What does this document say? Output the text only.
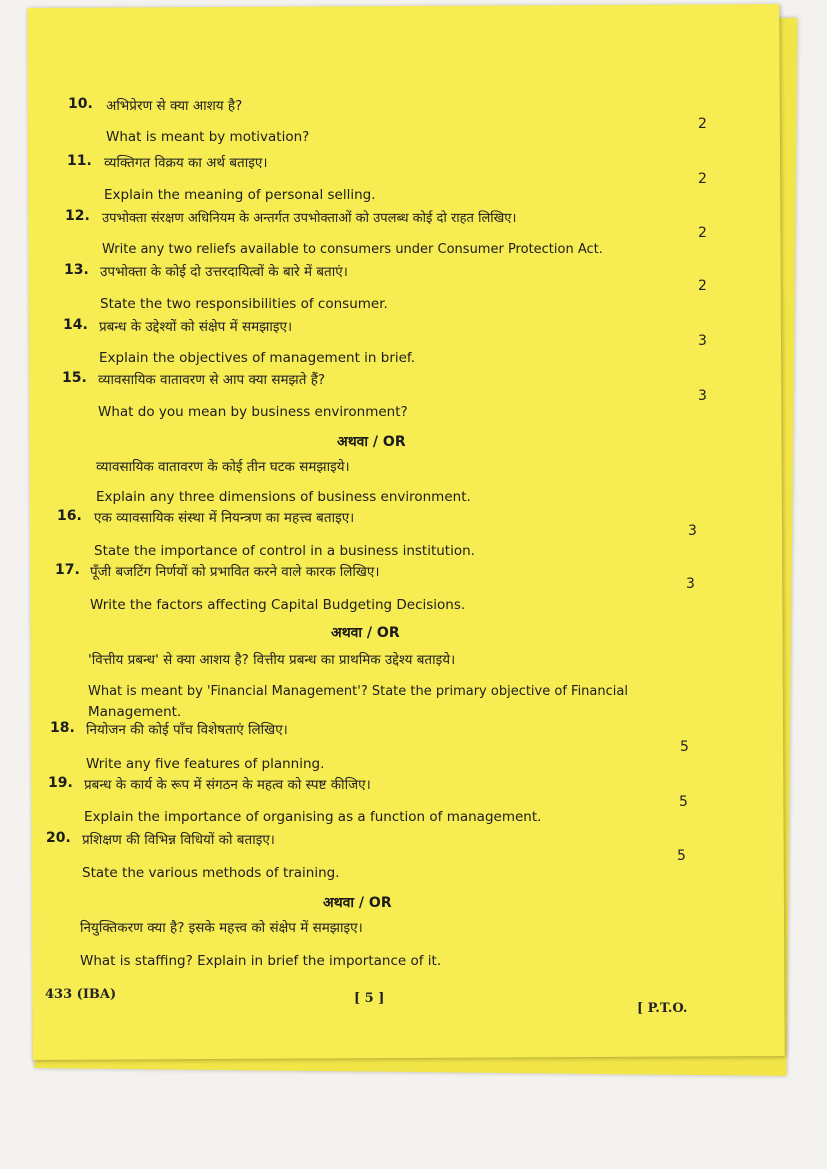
10. अभिप्रेरण से क्या आशय है?
What is meant by motivation?
2
11. व्यक्तिगत विक्रय का अर्थ बताइए।
Explain the meaning of personal selling.
2
12. उपभोक्ता संरक्षण अधिनियम के अन्तर्गत उपभोक्ताओं को उपलब्ध कोई दो राहत लिखिए।
Write any two reliefs available to consumers under Consumer Protection Act.
2
13. उपभोक्ता के कोई दो उत्तरदायित्वों के बारे में बताएं।
State the two responsibilities of consumer.
2
14. प्रबन्ध के उद्देश्यों को संक्षेप में समझाइए।
Explain the objectives of management in brief.
3
15. व्यावसायिक वातावरण से आप क्या समझते हैं?
What do you mean by business environment?
3
अथवा / OR
व्यावसायिक वातावरण के कोई तीन घटक समझाइये।
Explain any three dimensions of business environment.
16. एक व्यावसायिक संस्था में नियन्त्रण का महत्त्व बताइए।
State the importance of control in a business institution.
3
17. पूँजी बजटिंग निर्णयों को प्रभावित करने वाले कारक लिखिए।
Write the factors affecting Capital Budgeting Decisions.
3
अथवा / OR
'वित्तीय प्रबन्ध' से क्या आशय है? वित्तीय प्रबन्ध का प्राथमिक उद्देश्य बताइये।
What is meant by 'Financial Management'? State the primary objective of Financial
Management.
18. नियोजन की कोई पाँच विशेषताएं लिखिए।
Write any five features of planning.
5
19. प्रबन्ध के कार्य के रूप में संगठन के महत्व को स्पष्ट कीजिए।
Explain the importance of organising as a function of management.
5
20. प्रशिक्षण की विभिन्न विधियों को बताइए।
State the various methods of training.
5
अथवा / OR
नियुक्तिकरण क्या है? इसके महत्त्व को संक्षेप में समझाइए।
What is staffing? Explain in brief the importance of it.
433 (IBA)	[ 5 ]
[ P.T.O.
